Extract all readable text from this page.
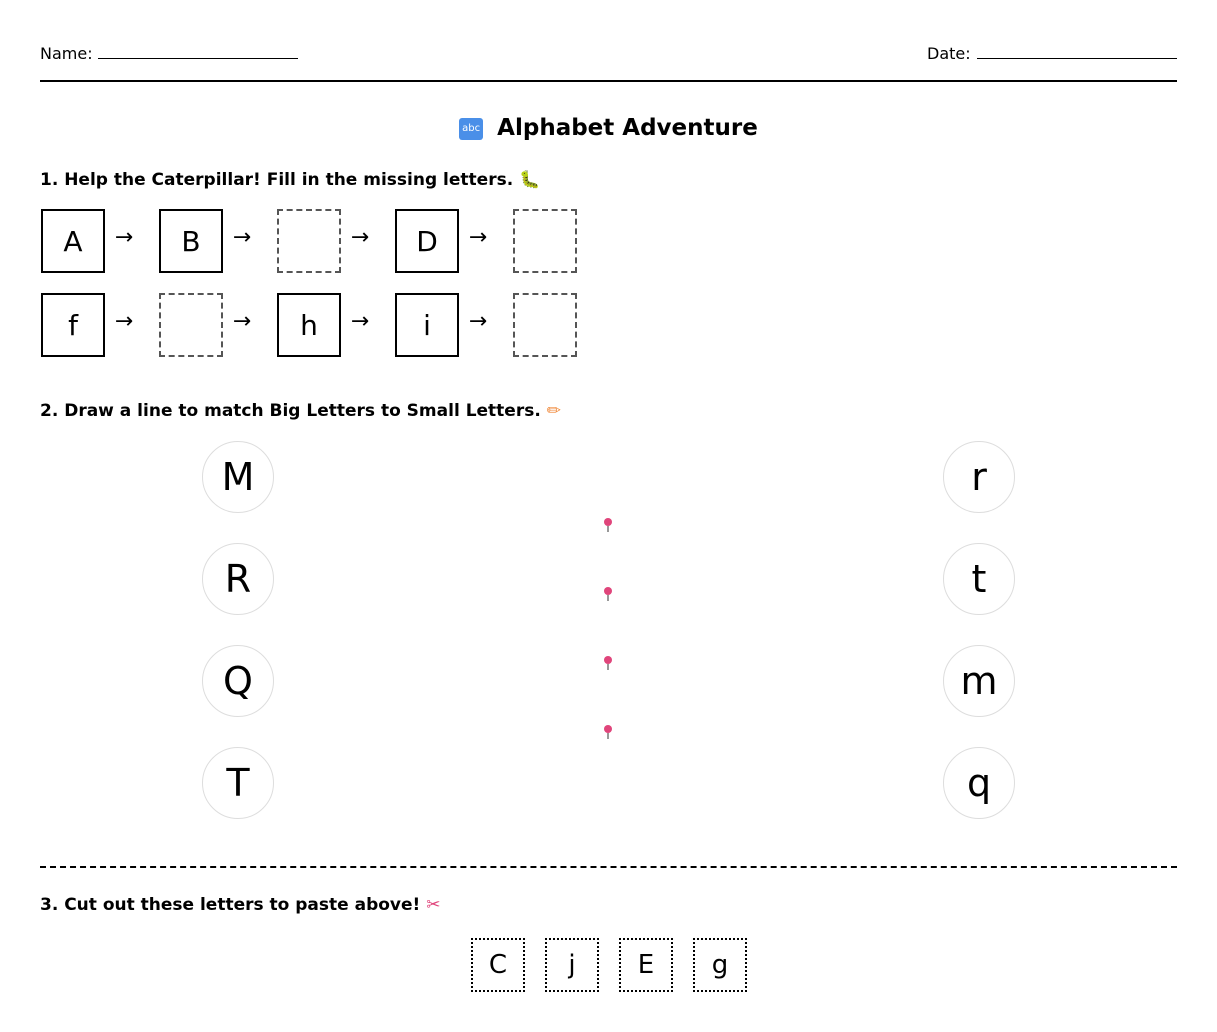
Name:	Date:
abc Alphabet Adventure
1. Help the Caterpillar! Fill in the missing letters. 🐛
2. Draw a line to match Big Letters to Small Letters. ✏
3. Cut out these letters to paste above! ✂
A	→	B	→	→	D	→
f	→	→	h	→	i	→
M
R
Q
T
r
t
m
q
C	j	E	g
